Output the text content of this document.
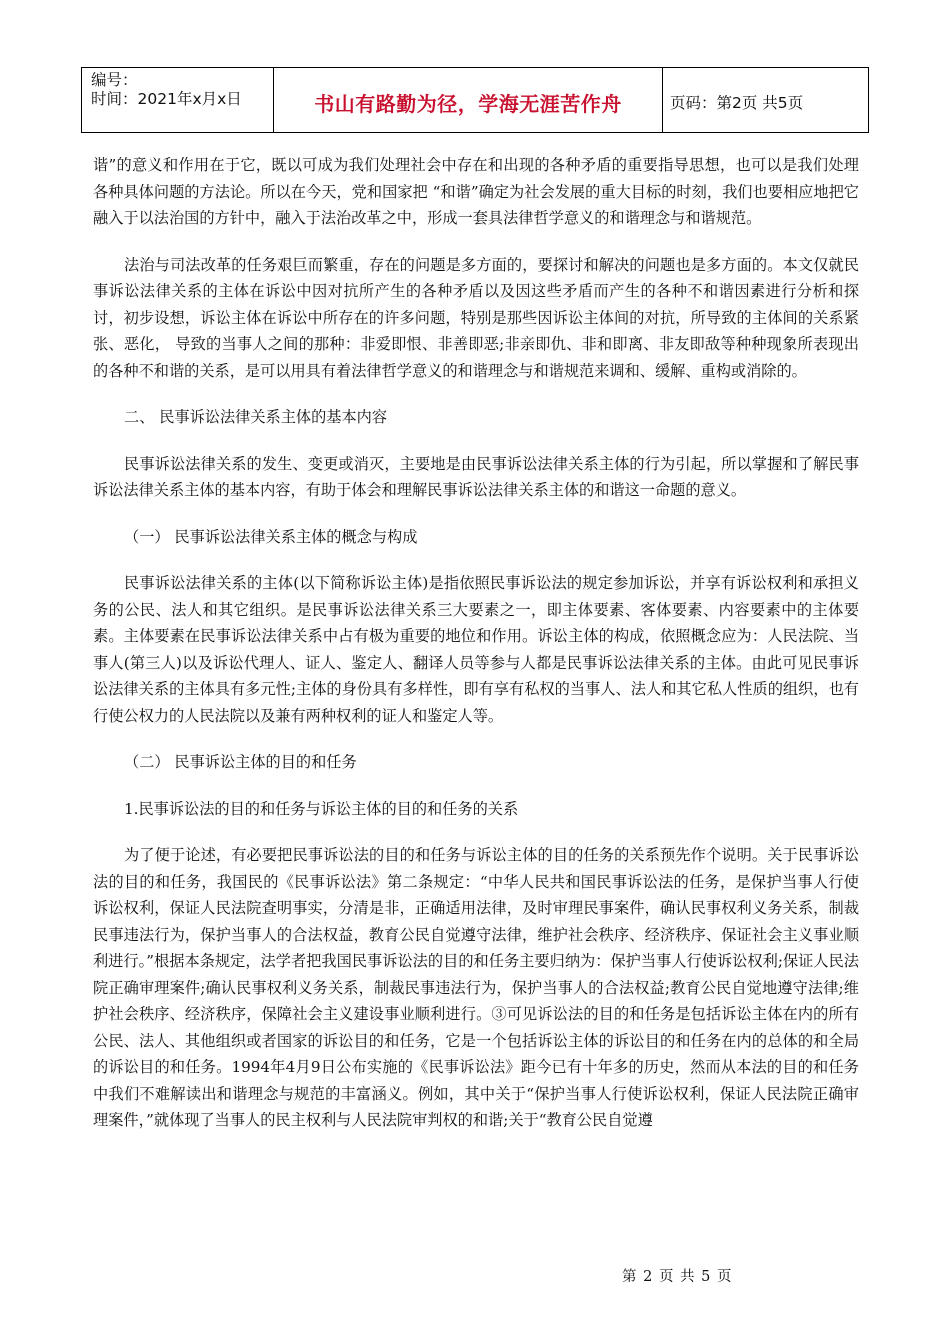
编号：
时间：2021年x月x日	书山有路勤为径，学海无涯苦作舟	页码：第2页 共5页

谐”的意义和作用在于它，既以可成为我们处理社会中存在和出现的各种矛盾的重要指导思想，也可以是我们处理各种具体问题的方法论。所以在今天，党和国家把 “和谐”确定为社会发展的重大目标的时刻，我们也要相应地把它融入于以法治国的方针中，融入于法治改革之中，形成一套具法律哲学意义的和谐理念与和谐规范。

法治与司法改革的任务艰巨而繁重，存在的问题是多方面的，要探讨和解决的问题也是多方面的。本文仅就民事诉讼法律关系的主体在诉讼中因对抗所产生的各种矛盾以及因这些矛盾而产生的各种不和谐因素进行分析和探讨，初步设想，诉讼主体在诉讼中所存在的许多问题，特别是那些因诉讼主体间的对抗，所导致的主体间的关系紧张、恶化， 导致的当事人之间的那种：非爱即恨、非善即恶;非亲即仇、非和即离、非友即敌等种种现象所表现出的各种不和谐的关系，是可以用具有着法律哲学意义的和谐理念与和谐规范来调和、缓解、重构或消除的。

二、 民事诉讼法律关系主体的基本内容

民事诉讼法律关系的发生、变更或消灭，主要地是由民事诉讼法律关系主体的行为引起，所以掌握和了解民事诉讼法律关系主体的基本内容，有助于体会和理解民事诉讼法律关系主体的和谐这一命题的意义。

（一） 民事诉讼法律关系主体的概念与构成

民事诉讼法律关系的主体(以下简称诉讼主体)是指依照民事诉讼法的规定参加诉讼，并享有诉讼权利和承担义务的公民、法人和其它组织。是民事诉讼法律关系三大要素之一，即主体要素、客体要素、内容要素中的主体要素。主体要素在民事诉讼法律关系中占有极为重要的地位和作用。诉讼主体的构成，依照概念应为：人民法院、当事人(第三人)以及诉讼代理人、证人、鉴定人、翻译人员等参与人都是民事诉讼法律关系的主体。由此可见民事诉讼法律关系的主体具有多元性;主体的身份具有多样性，即有享有私权的当事人、法人和其它私人性质的组织，也有行使公权力的人民法院以及兼有两种权利的证人和鉴定人等。

（二） 民事诉讼主体的目的和任务

1.民事诉讼法的目的和任务与诉讼主体的目的和任务的关系

为了便于论述，有必要把民事诉讼法的目的和任务与诉讼主体的目的任务的关系预先作个说明。关于民事诉讼法的目的和任务，我国民的《民事诉讼法》第二条规定：“中华人民共和国民事诉讼法的任务，是保护当事人行使诉讼权利，保证人民法院查明事实，分清是非，正确适用法律，及时审理民事案件，确认民事权利义务关系，制裁民事违法行为，保护当事人的合法权益，教育公民自觉遵守法律，维护社会秩序、经济秩序、保证社会主义事业顺利进行。”根据本条规定，法学者把我国民事诉讼法的目的和任务主要归纳为：保护当事人行使诉讼权利;保证人民法院正确审理案件;确认民事权利义务关系，制裁民事违法行为，保护当事人的合法权益;教育公民自觉地遵守法律;维护社会秩序、经济秩序，保障社会主义建设事业顺利进行。③可见诉讼法的目的和任务是包括诉讼主体在内的所有公民、法人、其他组织或者国家的诉讼目的和任务，它是一个包括诉讼主体的诉讼目的和任务在内的总体的和全局的诉讼目的和任务。1994年4月9日公布实施的《民事诉讼法》距今已有十年多的历史，然而从本法的目的和任务中我们不难解读出和谐理念与规范的丰富涵义。例如，其中关于“保护当事人行使诉讼权利，保证人民法院正确审理案件，”就体现了当事人的民主权利与人民法院审判权的和谐;关于“教育公民自觉遵

第 2 页 共 5 页
